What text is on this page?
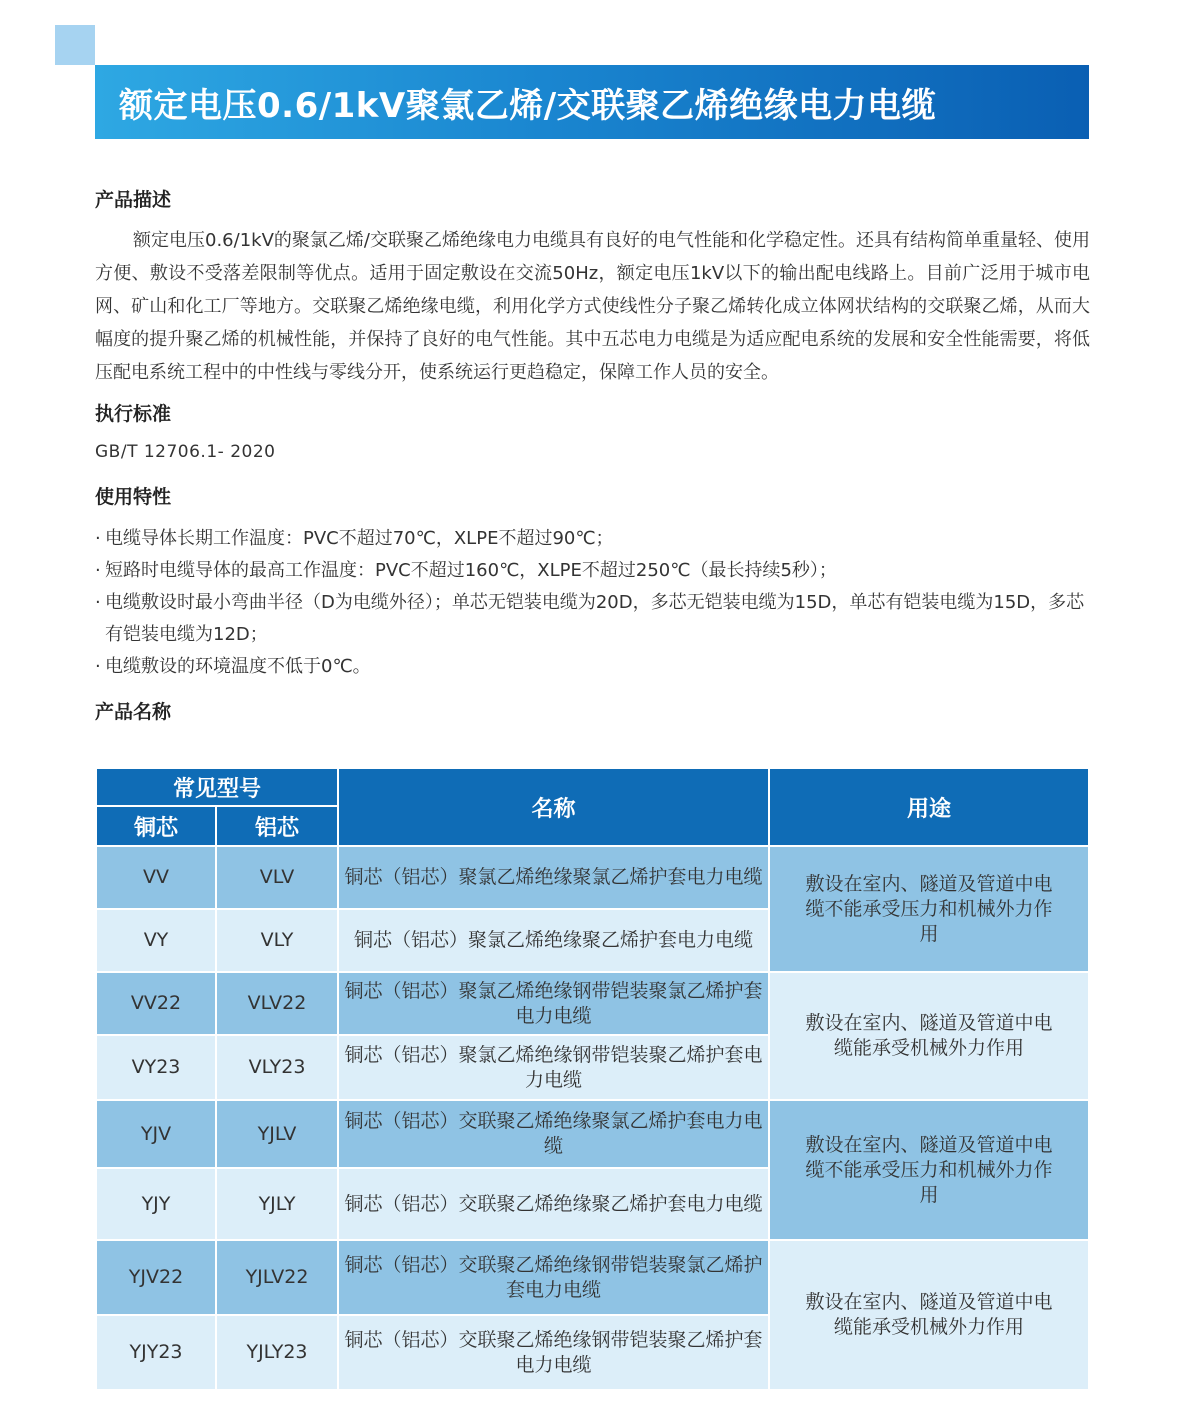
额定电压0.6/1kV聚氯乙烯/交联聚乙烯绝缘电力电缆
产品描述

额定电压0.6/1kV的聚氯乙烯/交联聚乙烯绝缘电力电缆具有良好的电气性能和化学稳定性。还具有结构简单重量轻、使用方便、敷设不受落差限制等优点。适用于固定敷设在交流50Hz，额定电压1kV以下的输出配电线路上。目前广泛用于城市电网、矿山和化工厂等地方。交联聚乙烯绝缘电缆，利用化学方式使线性分子聚乙烯转化成立体网状结构的交联聚乙烯，从而大幅度的提升聚乙烯的机械性能，并保持了良好的电气性能。其中五芯电力电缆是为适应配电系统的发展和安全性能需要，将低压配电系统工程中的中性线与零线分开，使系统运行更趋稳定，保障工作人员的安全。

执行标准
GB/T 12706.1- 2020
使用特性
· 电缆导体长期工作温度：PVC不超过70℃，XLPE不超过90℃；
· 短路时电缆导体的最高工作温度：PVC不超过160℃，XLPE不超过250℃（最长持续5秒）；
· 电缆敷设时最小弯曲半径（D为电缆外径）；单芯无铠装电缆为20D，多芯无铠装电缆为15D，单芯有铠装电缆为15D，多芯有铠装电缆为12D；
· 电缆敷设的环境温度不低于0℃。
产品名称
常见型号		名称	用途
铜芯	铝芯		
VV	VLV	铜芯（铝芯）聚氯乙烯绝缘聚氯乙烯护套电力电缆	敷设在室内、隧道及管道中电缆不能承受压力和机械外力作用
VY	VLY	铜芯（铝芯）聚氯乙烯绝缘聚乙烯护套电力电缆	
VV22	VLV22	铜芯（铝芯）聚氯乙烯绝缘钢带铠装聚氯乙烯护套电力电缆	敷设在室内、隧道及管道中电缆能承受机械外力作用
VY23	VLY23	铜芯（铝芯）聚氯乙烯绝缘钢带铠装聚乙烯护套电力电缆	
YJV	YJLV	铜芯（铝芯）交联聚乙烯绝缘聚氯乙烯护套电力电缆	敷设在室内、隧道及管道中电缆不能承受压力和机械外力作用
YJY	YJLY	铜芯（铝芯）交联聚乙烯绝缘聚乙烯护套电力电缆	
YJV22	YJLV22	铜芯（铝芯）交联聚乙烯绝缘钢带铠装聚氯乙烯护套电力电缆	敷设在室内、隧道及管道中电缆能承受机械外力作用
YJY23	YJLY23	铜芯（铝芯）交联聚乙烯绝缘钢带铠装聚乙烯护套电力电缆	
